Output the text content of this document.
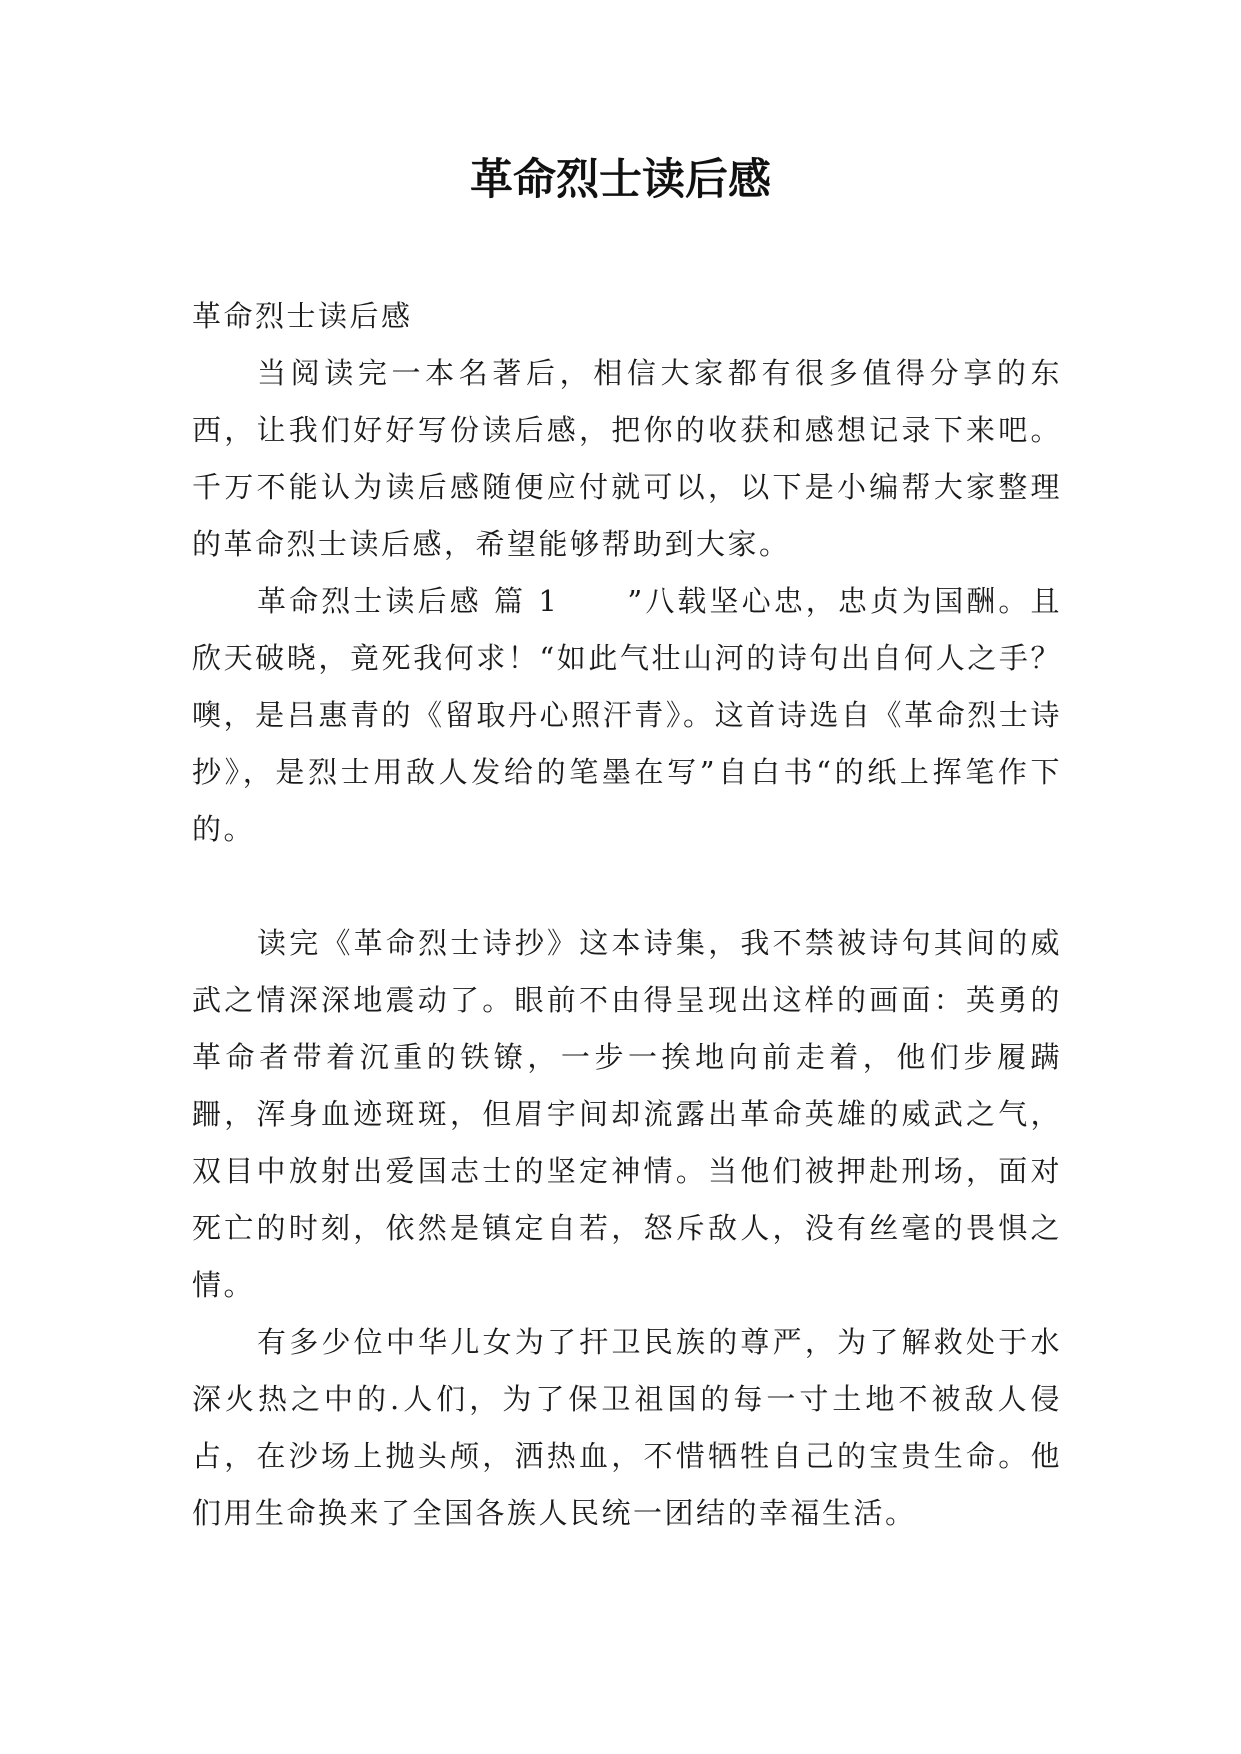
革命烈士读后感

革命烈士读后感

当阅读完一本名著后，相信大家都有很多值得分享的东西，让我们好好写份读后感，把你的收获和感想记录下来吧。千万不能认为读后感随便应付就可以，以下是小编帮大家整理的革命烈士读后感，希望能够帮助到大家。

革命烈士读后感 篇 1 ”八载坚心忠，忠贞为国酬。且欣天破晓，竟死我何求！“如此气壮山河的诗句出自何人之手？噢，是吕惠青的《留取丹心照汗青》。这首诗选自《革命烈士诗抄》，是烈士用敌人发给的笔墨在写”自白书“的纸上挥笔作下的。

读完《革命烈士诗抄》这本诗集，我不禁被诗句其间的威武之情深深地震动了。眼前不由得呈现出这样的画面：英勇的革命者带着沉重的铁镣，一步一挨地向前走着，他们步履蹒跚，浑身血迹斑斑，但眉宇间却流露出革命英雄的威武之气，双目中放射出爱国志士的坚定神情。当他们被押赴刑场，面对死亡的时刻，依然是镇定自若，怒斥敌人，没有丝毫的畏惧之情。

有多少位中华儿女为了扞卫民族的尊严，为了解救处于水深火热之中的.人们，为了保卫祖国的每一寸土地不被敌人侵占，在沙场上抛头颅，洒热血，不惜牺牲自己的宝贵生命。他们用生命换来了全国各族人民统一团结的幸福生活。
